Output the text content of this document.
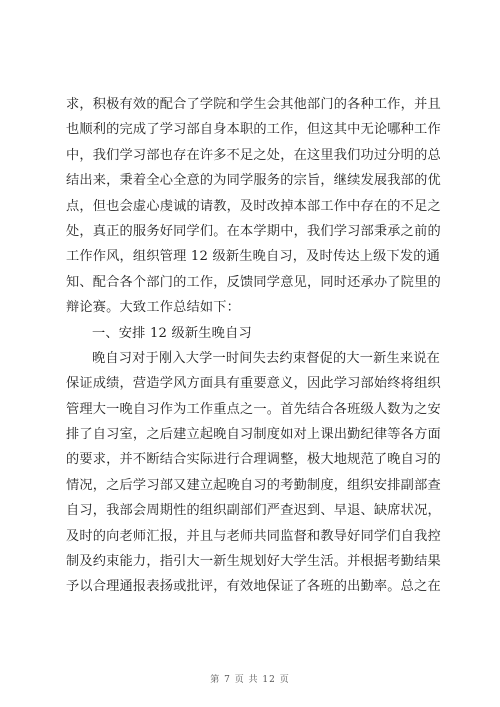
求，积极有效的配合了学院和学生会其他部门的各种工作，并且
也顺利的完成了学习部自身本职的工作，但这其中无论哪种工作
中，我们学习部也存在许多不足之处，在这里我们功过分明的总
结出来，秉着全心全意的为同学服务的宗旨，继续发展我部的优
点，但也会虚心虔诚的请教，及时改掉本部工作中存在的不足之
处，真正的服务好同学们。在本学期中，我们学习部秉承之前的
工作作风，组织管理 12 级新生晚自习，及时传达上级下发的通
知、配合各个部门的工作，反馈同学意见，同时还承办了院里的
辩论赛。大致工作总结如下：
一、安排 12 级新生晚自习
晚自习对于刚入大学一时间失去约束督促的大一新生来说在
保证成绩，营造学风方面具有重要意义，因此学习部始终将组织
管理大一晚自习作为工作重点之一。首先结合各班级人数为之安
排了自习室，之后建立起晚自习制度如对上课出勤纪律等各方面
的要求，并不断结合实际进行合理调整，极大地规范了晚自习的
情况，之后学习部又建立起晚自习的考勤制度，组织安排副部查
自习，我部会周期性的组织副部们严查迟到、早退、缺席状况，
及时的向老师汇报，并且与老师共同监督和教导好同学们自我控
制及约束能力，指引大一新生规划好大学生活。并根据考勤结果
予以合理通报表扬或批评，有效地保证了各班的出勤率。总之在
第 7 页 共 12 页
